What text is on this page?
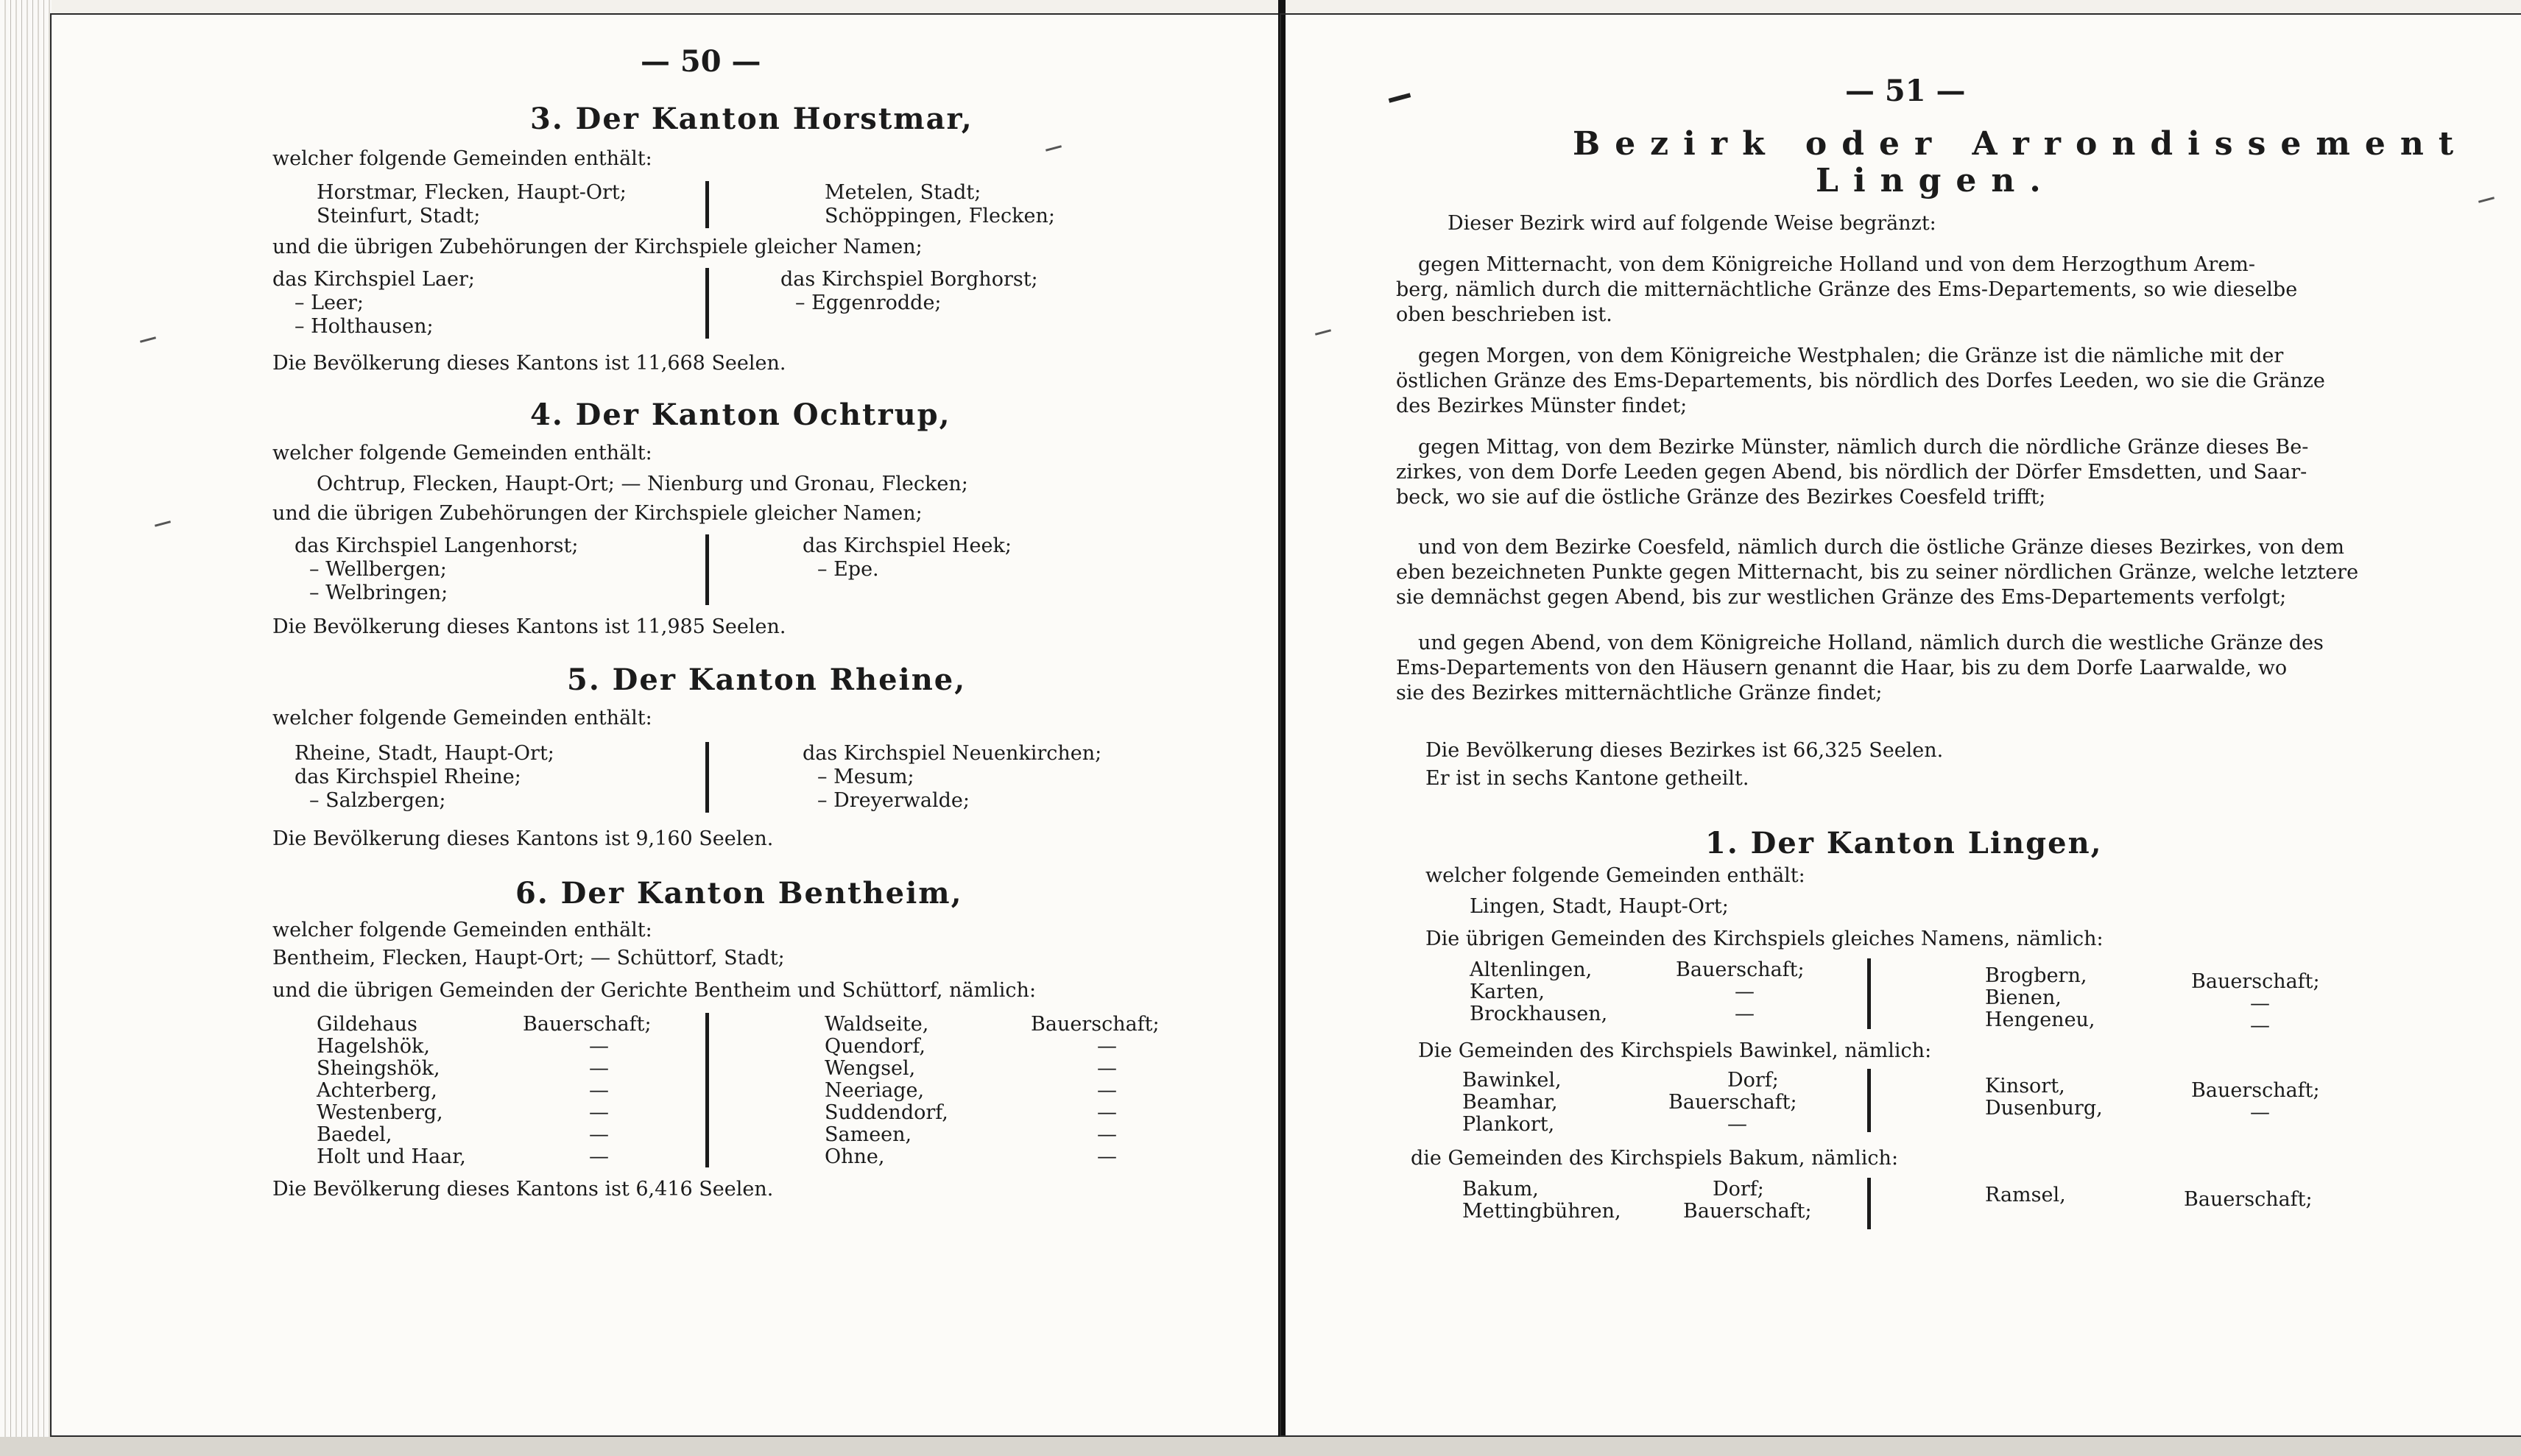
— 50 —
3. Der Kanton Horstmar,
welcher folgende Gemeinden enthält:
Horstmar, Flecken, Haupt-Ort;
Steinfurt, Stadt;
Metelen, Stadt;
Schöppingen, Flecken;
und die übrigen Zubehörungen der Kirchspiele gleicher Namen;
das Kirchspiel Laer;
– Leer;
– Holthausen;
das Kirchspiel Borghorst;
– Eggenrodde;
Die Bevölkerung dieses Kantons ist 11,668 Seelen.
4. Der Kanton Ochtrup,
welcher folgende Gemeinden enthält:
Ochtrup, Flecken, Haupt-Ort; — Nienburg und Gronau, Flecken;
und die übrigen Zubehörungen der Kirchspiele gleicher Namen;
das Kirchspiel Langenhorst;
– Wellbergen;
– Welbringen;
das Kirchspiel Heek;
– Epe.
Die Bevölkerung dieses Kantons ist 11,985 Seelen.
5. Der Kanton Rheine,
welcher folgende Gemeinden enthält:
Rheine, Stadt, Haupt-Ort;
das Kirchspiel Rheine;
– Salzbergen;
das Kirchspiel Neuenkirchen;
– Mesum;
– Dreyerwalde;
Die Bevölkerung dieses Kantons ist 9,160 Seelen.
6. Der Kanton Bentheim,
welcher folgende Gemeinden enthält:
Bentheim, Flecken, Haupt-Ort; — Schüttorf, Stadt;
und die übrigen Gemeinden der Gerichte Bentheim und Schüttorf, nämlich:
Gildehaus
Hagelshök,
Sheingshök,
Achterberg,
Westenberg,
Baedel,
Holt und Haar,
Bauerschaft;
—
—
—
—
—
—
Waldseite,
Quendorf,
Wengsel,
Neeriage,
Suddendorf,
Sameen,
Ohne,
Bauerschaft;
—
—
—
—
—
—
Die Bevölkerung dieses Kantons ist 6,416 Seelen.
— 51 —
Bezirk oder Arrondissement
Lingen.
Dieser Bezirk wird auf folgende Weise begränzt:
gegen Mitternacht, von dem Königreiche Holland und von dem Herzogthum Arem-
berg, nämlich durch die mitternächtliche Gränze des Ems-Departements, so wie dieselbe
oben beschrieben ist.
gegen Morgen, von dem Königreiche Westphalen; die Gränze ist die nämliche mit der
östlichen Gränze des Ems-Departements, bis nördlich des Dorfes Leeden, wo sie die Gränze
des Bezirkes Münster findet;
gegen Mittag, von dem Bezirke Münster, nämlich durch die nördliche Gränze dieses Be-
zirkes, von dem Dorfe Leeden gegen Abend, bis nördlich der Dörfer Emsdetten, und Saar-
beck, wo sie auf die östliche Gränze des Bezirkes Coesfeld trifft;
und von dem Bezirke Coesfeld, nämlich durch die östliche Gränze dieses Bezirkes, von dem
eben bezeichneten Punkte gegen Mitternacht, bis zu seiner nördlichen Gränze, welche letztere
sie demnächst gegen Abend, bis zur westlichen Gränze des Ems-Departements verfolgt;
und gegen Abend, von dem Königreiche Holland, nämlich durch die westliche Gränze des
Ems-Departements von den Häusern genannt die Haar, bis zu dem Dorfe Laarwalde, wo
sie des Bezirkes mitternächtliche Gränze findet;
Die Bevölkerung dieses Bezirkes ist 66,325 Seelen.
Er ist in sechs Kantone getheilt.
1. Der Kanton Lingen,
welcher folgende Gemeinden enthält:
Lingen, Stadt, Haupt-Ort;
Die übrigen Gemeinden des Kirchspiels gleiches Namens, nämlich:
Altenlingen,
Karten,
Brockhausen,
Bauerschaft;
—
—
Brogbern,
Bienen,
Hengeneu,
Bauerschaft;
—
—
Die Gemeinden des Kirchspiels Bawinkel, nämlich:
Bawinkel,
Beamhar,
Plankort,
Dorf;
Bauerschaft;
—
Kinsort,
Dusenburg,
Bauerschaft;
—
die Gemeinden des Kirchspiels Bakum, nämlich:
Bakum,
Mettingbühren,
Dorf;
Bauerschaft;
Ramsel,	Bauerschaft;
